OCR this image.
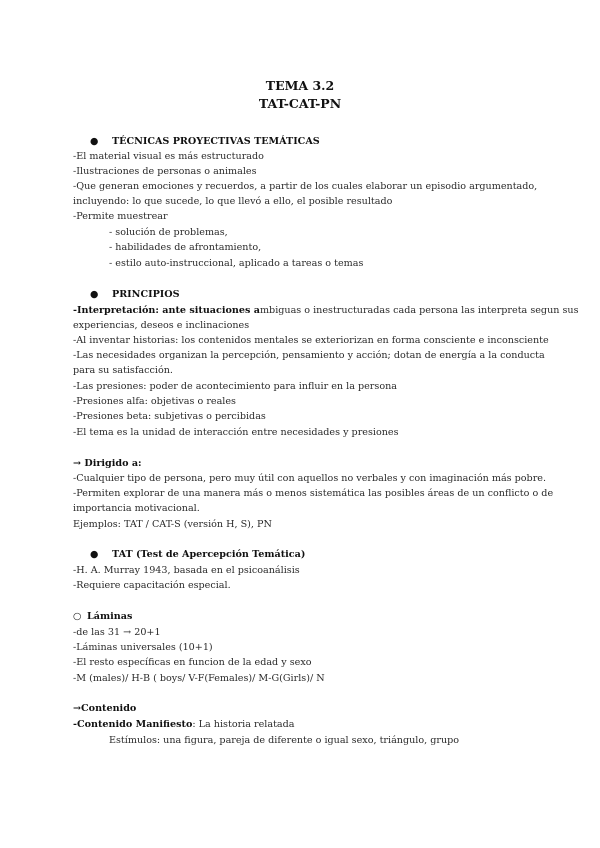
TEMA 3.2
TAT-CAT-PN
● TÉCNICAS PROYECTIVAS TEMÁTICAS
-El material visual es más estructurado
-Ilustraciones de personas o animales
-Que generan emociones y recuerdos, a partir de los cuales elaborar un episodio argumentado,
incluyendo: lo que sucede, lo que llevó a ello, el posible resultado
-Permite muestrear
- solución de problemas,
- habilidades de afrontamiento,
- estilo auto-instruccional, aplicado a tareas o temas
● PRINCIPIOS
-Interpretación: ante situaciones ambiguas o inestructuradas cada persona las interpreta segun sus
experiencias, deseos e inclinaciones
-Al inventar historias: los contenidos mentales se exteriorizan en forma consciente e inconsciente
-Las necesidades organizan la percepción, pensamiento y acción; dotan de energía a la conducta
para su satisfacción.
-Las presiones: poder de acontecimiento para influir en la persona
-Presiones alfa: objetivas o reales
-Presiones beta: subjetivas o percibidas
-El tema es la unidad de interacción entre necesidades y presiones
→ Dirigido a:
-Cualquier tipo de persona, pero muy útil con aquellos no verbales y con imaginación más pobre.
-Permiten explorar de una manera más o menos sistemática las posibles áreas de un conflicto o de
importancia motivacional.
Ejemplos: TAT / CAT-S (versión H, S), PN
● TAT (Test de Apercepción Temática)
-H. A. Murray 1943, basada en el psicoanálisis
-Requiere capacitación especial.
○ Láminas
-de las 31 → 20+1
-Láminas universales (10+1)
-El resto específicas en funcion de la edad y sexo
-M (males)/ H-B ( boys/ V-F(Females)/ M-G(Girls)/ N
→Contenido
-Contenido Manifiesto: La historia relatada
Estímulos: una figura, pareja de diferente o igual sexo, triángulo, grupo
